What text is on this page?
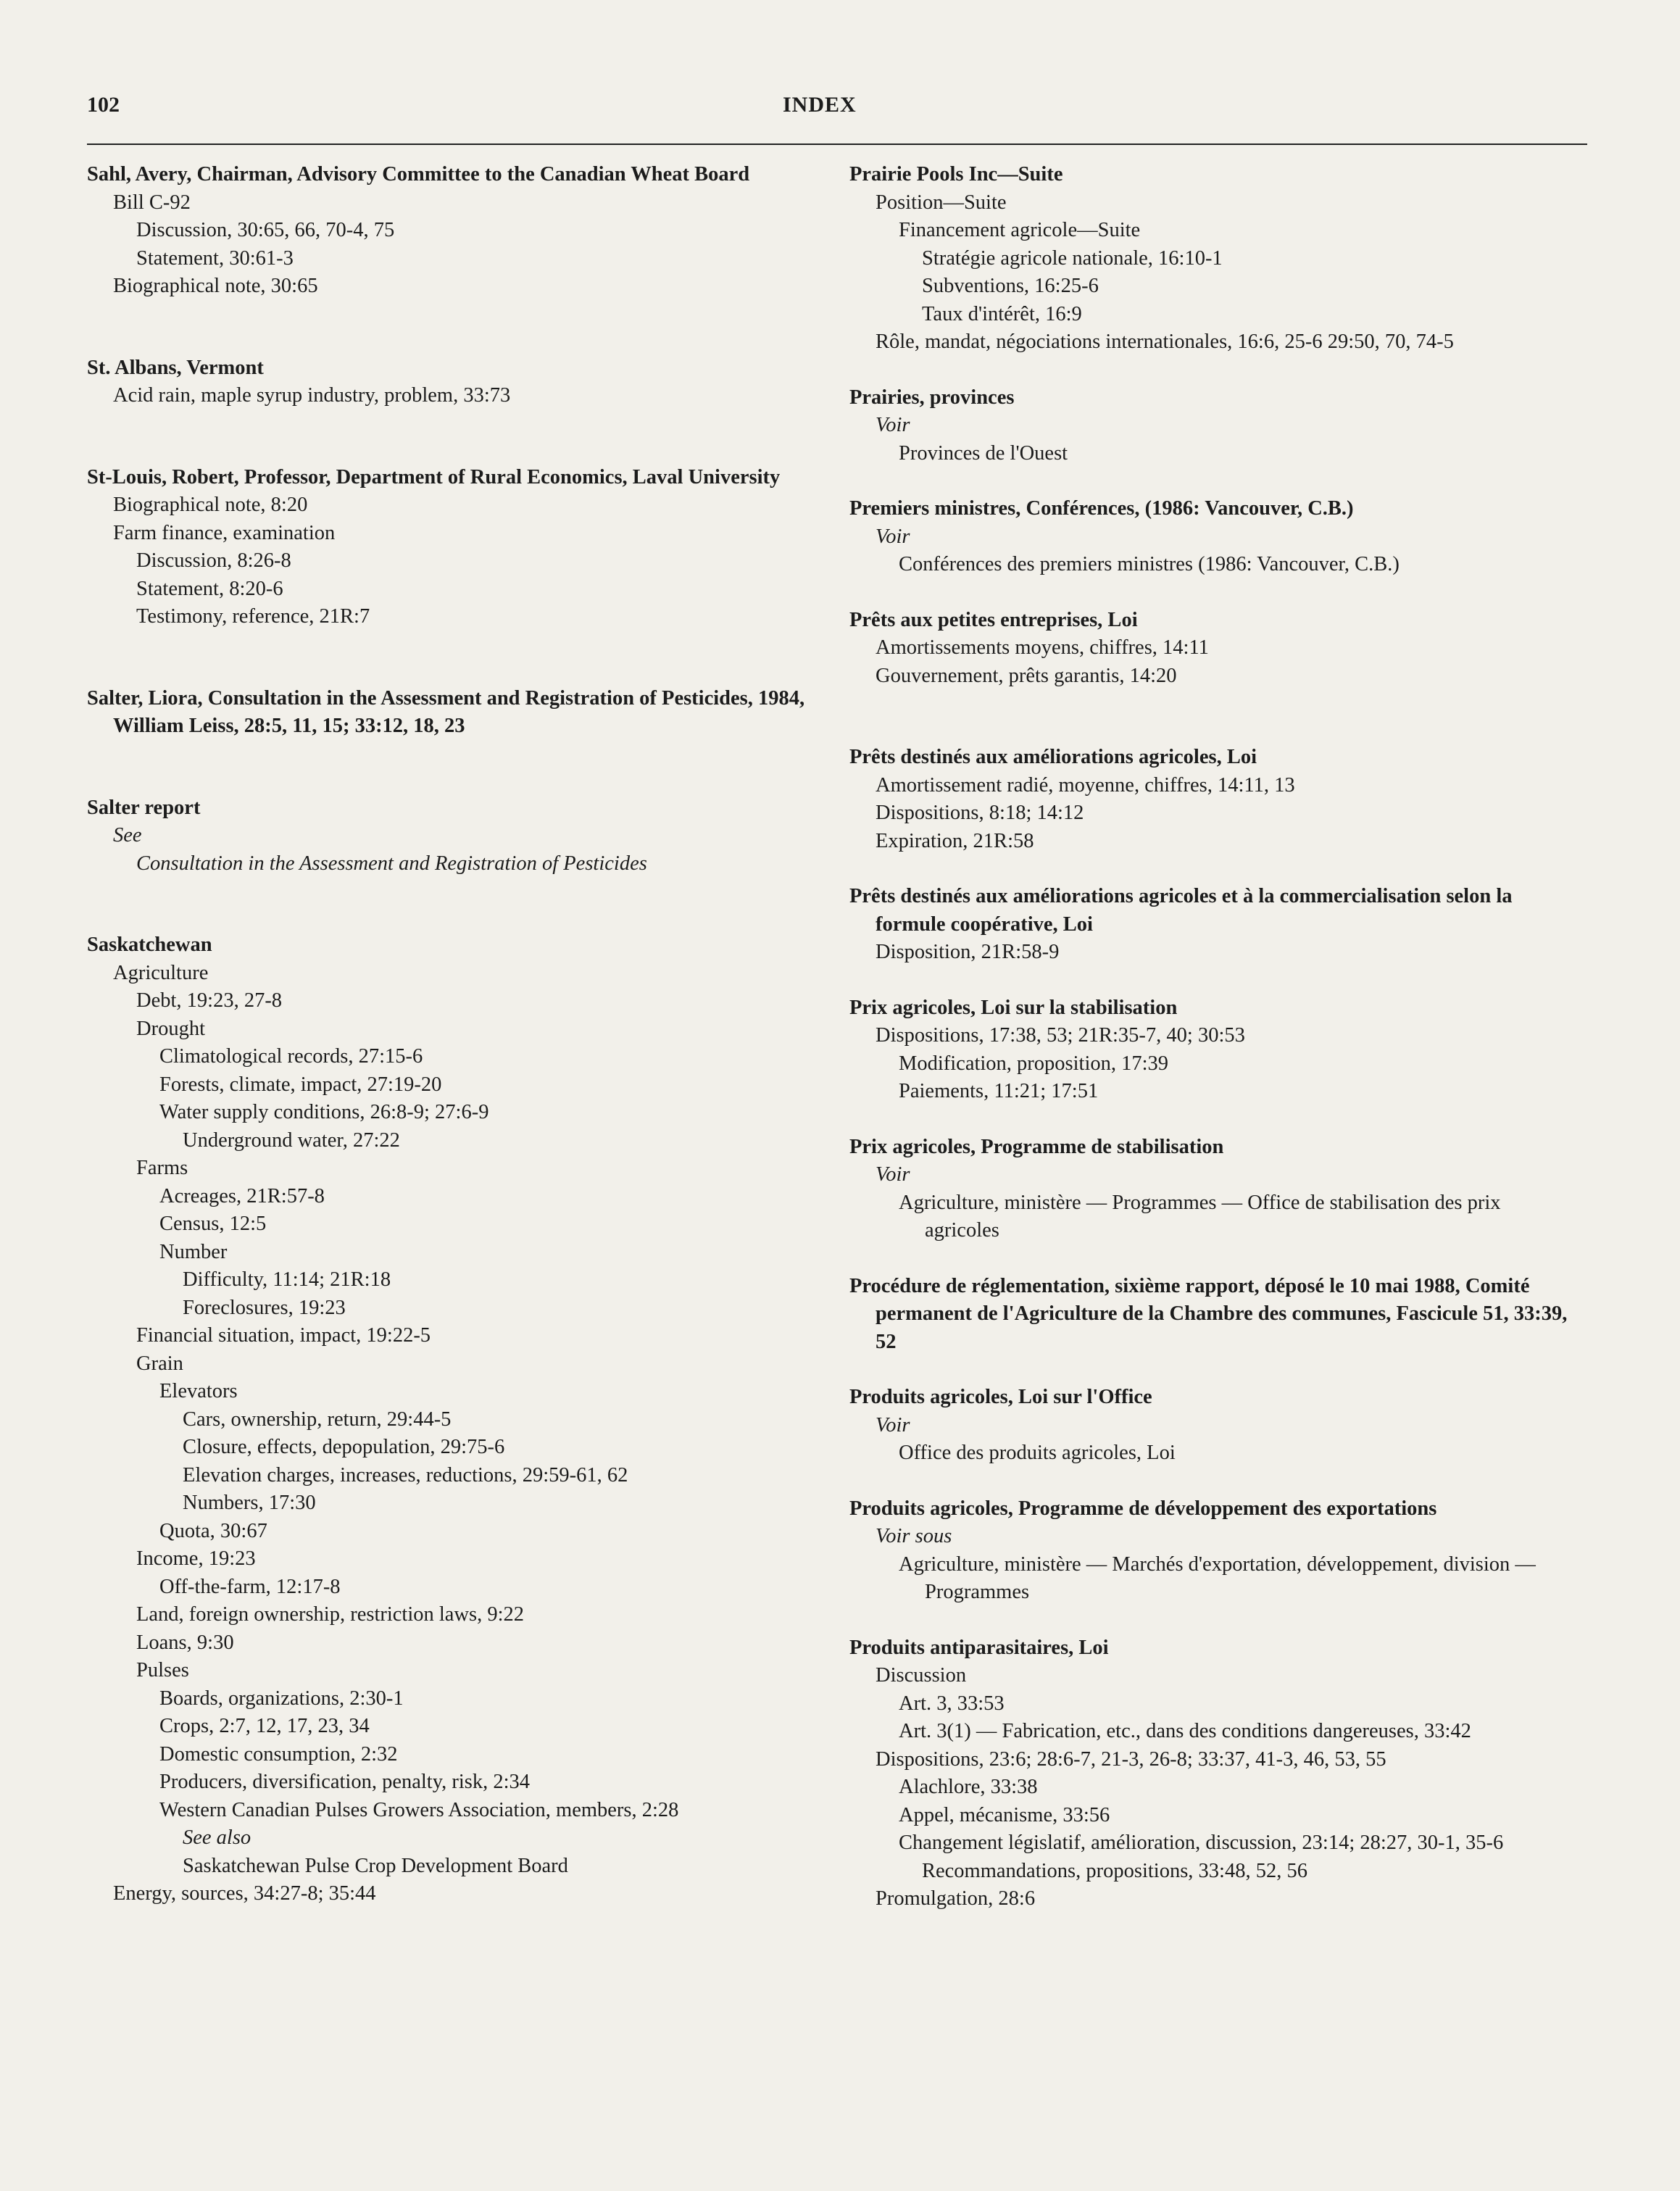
102	INDEX
Sahl, Avery, Chairman, Advisory Committee to the Canadian Wheat Board
Bill C-92
Discussion, 30:65, 66, 70-4, 75
Statement, 30:61-3
Biographical note, 30:65
St. Albans, Vermont
Acid rain, maple syrup industry, problem, 33:73
St-Louis, Robert, Professor, Department of Rural Economics, Laval University
Biographical note, 8:20
Farm finance, examination
Discussion, 8:26-8
Statement, 8:20-6
Testimony, reference, 21R:7
Salter, Liora, Consultation in the Assessment and Registration of Pesticides, 1984, William Leiss, 28:5, 11, 15; 33:12, 18, 23
Salter report
See
Consultation in the Assessment and Registration of Pesticides
Saskatchewan
Agriculture
Debt, 19:23, 27-8
Drought
Climatological records, 27:15-6
Forests, climate, impact, 27:19-20
Water supply conditions, 26:8-9; 27:6-9
Underground water, 27:22
Farms
Acreages, 21R:57-8
Census, 12:5
Number
Difficulty, 11:14; 21R:18
Foreclosures, 19:23
Financial situation, impact, 19:22-5
Grain
Elevators
Cars, ownership, return, 29:44-5
Closure, effects, depopulation, 29:75-6
Elevation charges, increases, reductions, 29:59-61, 62
Numbers, 17:30
Quota, 30:67
Income, 19:23
Off-the-farm, 12:17-8
Land, foreign ownership, restriction laws, 9:22
Loans, 9:30
Pulses
Boards, organizations, 2:30-1
Crops, 2:7, 12, 17, 23, 34
Domestic consumption, 2:32
Producers, diversification, penalty, risk, 2:34
Western Canadian Pulses Growers Association, members, 2:28
See also
Saskatchewan Pulse Crop Development Board
Energy, sources, 34:27-8; 35:44
Prairie Pools Inc—Suite
Position—Suite
Financement agricole—Suite
Stratégie agricole nationale, 16:10-1
Subventions, 16:25-6
Taux d'intérêt, 16:9
Rôle, mandat, négociations internationales, 16:6, 25-6 29:50, 70, 74-5
Prairies, provinces
Voir
Provinces de l'Ouest
Premiers ministres, Conférences, (1986: Vancouver, C.B.)
Voir
Conférences des premiers ministres (1986: Vancouver, C.B.)
Prêts aux petites entreprises, Loi
Amortissements moyens, chiffres, 14:11
Gouvernement, prêts garantis, 14:20
Prêts destinés aux améliorations agricoles, Loi
Amortissement radié, moyenne, chiffres, 14:11, 13
Dispositions, 8:18; 14:12
Expiration, 21R:58
Prêts destinés aux améliorations agricoles et à la commercialisation selon la formule coopérative, Loi
Disposition, 21R:58-9
Prix agricoles, Loi sur la stabilisation
Dispositions, 17:38, 53; 21R:35-7, 40; 30:53
Modification, proposition, 17:39
Paiements, 11:21; 17:51
Prix agricoles, Programme de stabilisation
Voir
Agriculture, ministère — Programmes — Office de stabilisation des prix agricoles
Procédure de réglementation, sixième rapport, déposé le 10 mai 1988, Comité permanent de l'Agriculture de la Chambre des communes, Fascicule 51, 33:39, 52
Produits agricoles, Loi sur l'Office
Voir
Office des produits agricoles, Loi
Produits agricoles, Programme de développement des exportations
Voir sous
Agriculture, ministère — Marchés d'exportation, développement, division — Programmes
Produits antiparasitaires, Loi
Discussion
Art. 3, 33:53
Art. 3(1) — Fabrication, etc., dans des conditions dangereuses, 33:42
Dispositions, 23:6; 28:6-7, 21-3, 26-8; 33:37, 41-3, 46, 53, 55
Alachlore, 33:38
Appel, mécanisme, 33:56
Changement législatif, amélioration, discussion, 23:14; 28:27, 30-1, 35-6
Recommandations, propositions, 33:48, 52, 56
Promulgation, 28:6
